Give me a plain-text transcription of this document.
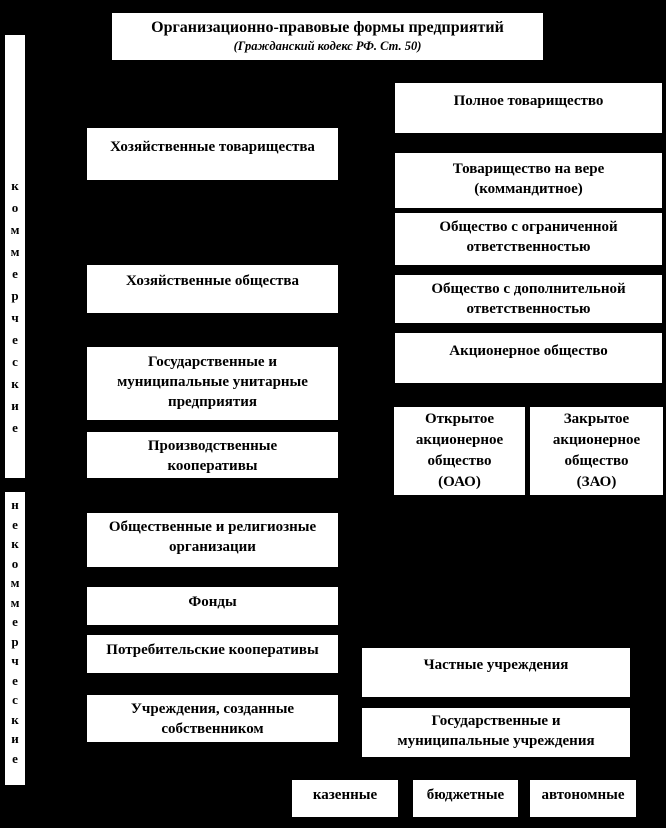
Организационно-правовые формы предприятий
(Гражданский кодекс РФ. Ст. 50)
к
о
м
м
е
р
ч
е
с
к
и
е
н
е
к
о
м
м
е
р
ч
е
с
к
и
е
Хозяйственные товарищества
Хозяйственные общества
Государственные и
муниципальные унитарные
предприятия
Производственные
кооперативы
Общественные и религиозные
организации
Фонды
Потребительские кооперативы
Учреждения, созданные
собственником
Полное товарищество
Товарищество на вере
(коммандитное)
Общество с ограниченной
ответственностью
Общество с дополнительной
ответственностью
Акционерное общество
Открытое
акционерное
общество
(ОАО)
Закрытое
акционерное
общество
(ЗАО)
Частные учреждения
Государственные и
муниципальные учреждения
казенные	бюджетные	автономные
